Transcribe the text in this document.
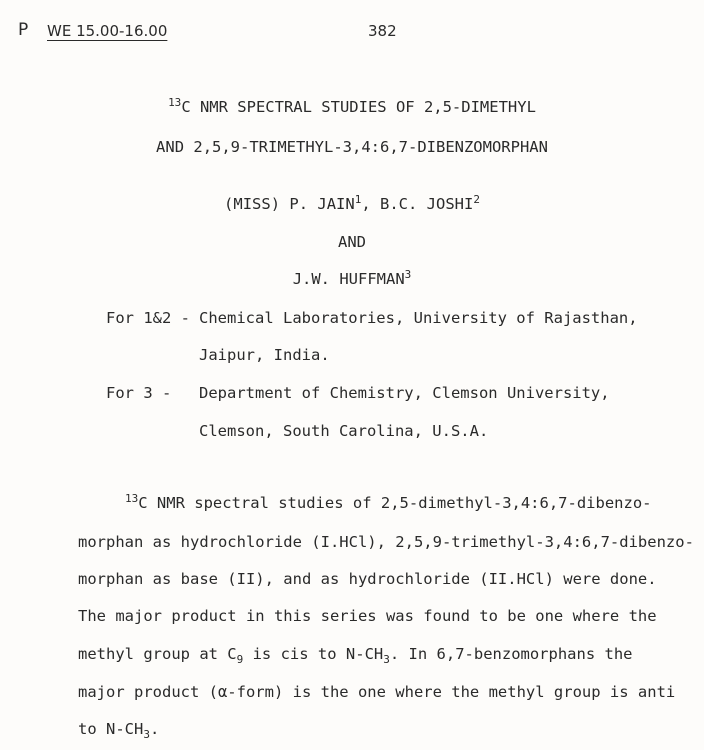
P WE 15.00-16.00	382
$^{13}$C NMR SPECTRAL STUDIES OF 2,5-DIMETHYL
AND 2,5,9-TRIMETHYL-3,4:6,7-DIBENZOMORPHAN
(MISS) P. JAIN$^1$, B.C. JOSHI$^2$
AND
J.W. HUFFMAN$^3$
For 1&2 - Chemical Laboratories, University of Rajasthan,
Jaipur, India.
For 3 - Department of Chemistry, Clemson University,
Clemson, South Carolina, U.S.A.
$^{13}$C NMR spectral studies of 2,5-dimethyl-3,4:6,7-dibenzo-
morphan as hydrochloride (I.HCl), 2,5,9-trimethyl-3,4:6,7-dibenzo-
morphan as base (II), and as hydrochloride (II.HCl) were done.
The major product in this series was found to be one where the
methyl group at $C_9$ is cis to $N-CH_3$. In 6,7-benzomorphans the
major product (α-form) is the one where the methyl group is anti
to $N-CH_3$.
